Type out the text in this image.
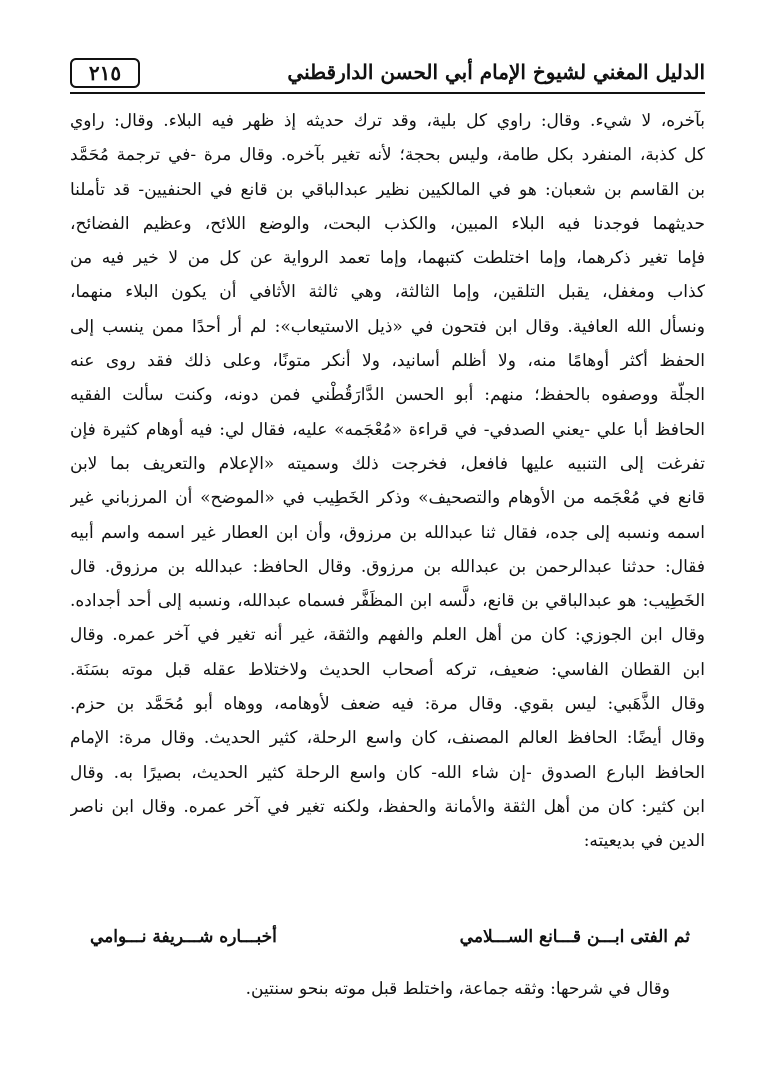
الدليل المغني لشيوخ الإمام أبي الحسن الدارقطني
٢١٥
بآخره، لا شيء. وقال: راوي كل بلية، وقد ترك حديثه إذ ظهر فيه البلاء. وقال: راوي
كل كذبة، المنفرد بكل طامة، وليس بحجة؛ لأنه تغير بآخره. وقال مرة -في ترجمة مُحَمَّد
بن القاسم بن شعبان: هو في المالكيين نظير عبدالباقي بن قانع في الحنفيين- قد تأملنا
حديثهما فوجدنا فيه البلاء المبين، والكذب البحت، والوضع اللائح، وعظيم الفضائح،
فإما تغير ذكرهما، وإما اختلطت كتبهما، وإما تعمد الرواية عن كل من لا خير فيه من
كذاب ومغفل، يقبل التلقين، وإما الثالثة، وهي ثالثة الأثافي أن يكون البلاء منهما،
ونسأل الله العافية. وقال ابن فتحون في «ذيل الاستيعاب»: لم أر أحدًا ممن ينسب إلى
الحفظ أكثر أوهامًا منه، ولا أظلم أسانيد، ولا أنكر متونًا، وعلى ذلك فقد روى عنه
الجلّة ووصفوه بالحفظ؛ منهم: أبو الحسن الدَّارَقُطْني فمن دونه، وكنت سألت الفقيه
الحافظ أبا علي -يعني الصدفي- في قراءة «مُعْجَمه» عليه، فقال لي: فيه أوهام كثيرة فإن
تفرغت إلى التنبيه عليها فافعل، فخرجت ذلك وسميته «الإعلام والتعريف بما لابن
قانع في مُعْجَمه من الأوهام والتصحيف» وذكر الخَطِيب في «الموضح» أن المرزباني غير
اسمه ونسبه إلى جده، فقال ثنا عبدالله بن مرزوق، وأن ابن العطار غير اسمه واسم أبيه
فقال: حدثنا عبدالرحمن بن عبدالله بن مرزوق. وقال الحافظ: عبدالله بن مرزوق. قال
الخَطِيب: هو عبدالباقي بن قانع، دلَّسه ابن المظَفَّر فسماه عبدالله، ونسبه إلى أحد أجداده.
وقال ابن الجوزي: كان من أهل العلم والفهم والثقة، غير أنه تغير في آخر عمره. وقال
ابن القطان الفاسي: ضعيف، تركه أصحاب الحديث ولاختلاط عقله قبل موته بسَنَة.
وقال الذَّهَبي: ليس بقوي. وقال مرة: فيه ضعف لأوهامه، ووهاه أبو مُحَمَّد بن حزم.
وقال أيضًا: الحافظ العالم المصنف، كان واسع الرحلة، كثير الحديث. وقال مرة: الإمام
الحافظ البارع الصدوق -إن شاء الله- كان واسع الرحلة كثير الحديث، بصيرًا به. وقال
ابن كثير: كان من أهل الثقة والأمانة والحفظ، ولكنه تغير في آخر عمره. وقال ابن ناصر
الدين في بديعيته:
ثم الفتى ابـــن قـــانع الســـلامي
أخبـــاره شـــريفة نـــوامي
وقال في شرحها: وثقه جماعة، واختلط قبل موته بنحو سنتين.
